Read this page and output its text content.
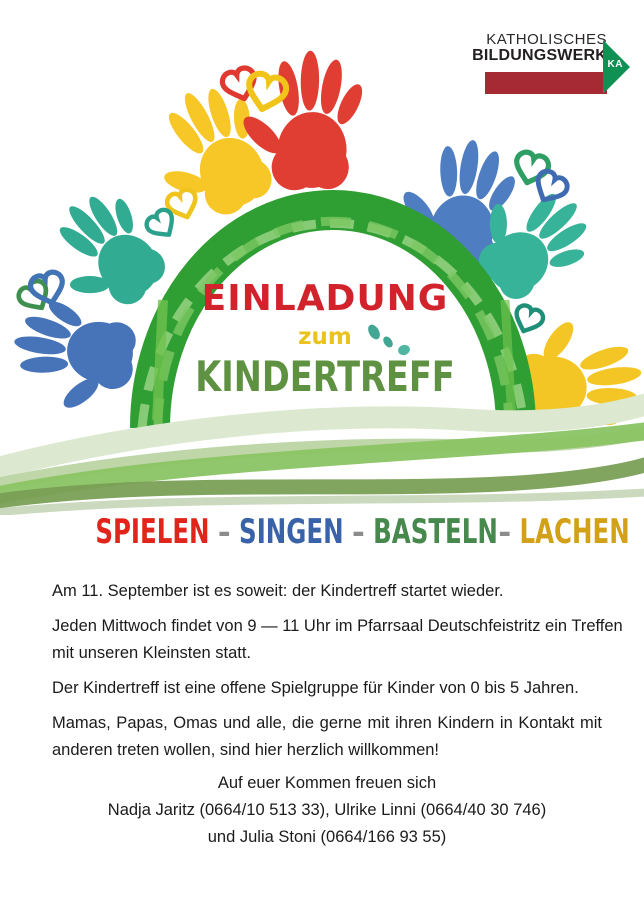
KATHOLISCHES
BILDUNGSWERK
KA
EINLADUNG
zum
KINDERTREFF
SPIELEN – SINGEN – BASTELN– LACHEN

Am 11. September ist es soweit: der Kindertreff startet wieder.

Jeden Mittwoch findet von 9 — 11 Uhr im Pfarrsaal Deutschfeistritz ein Treffen
mit unseren Kleinsten statt.

Der Kindertreff ist eine offene Spielgruppe für Kinder von 0 bis 5 Jahren.

Mamas, Papas, Omas und alle, die gerne mit ihren Kindern in Kontakt mit
anderen treten wollen, sind hier herzlich willkommen!

Auf euer Kommen freuen sich
Nadja Jaritz (0664/10 513 33), Ulrike Linni (0664/40 30 746)
und Julia Stoni (0664/166 93 55)
